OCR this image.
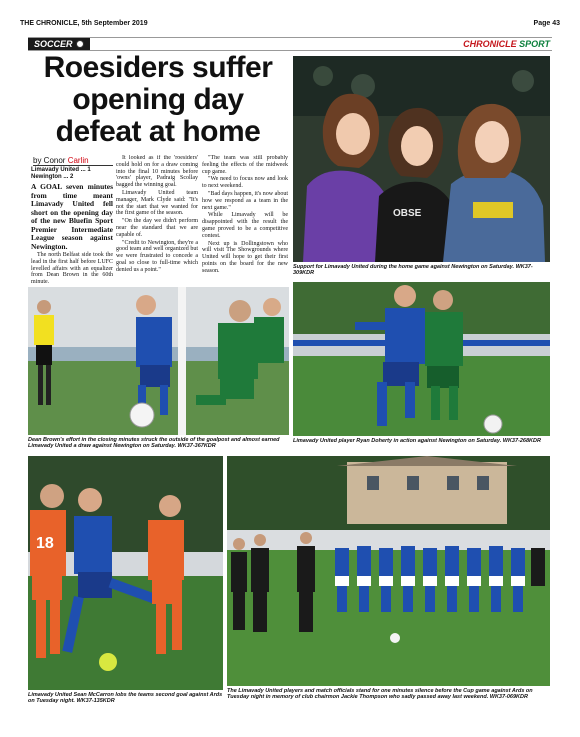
THE CHRONICLE, 5th September 2019	Page 43
SOCCER	CHRONICLE SPORT
Roesiders suffer opening day defeat at home
by Conor Carlin
Limavady United ... 1
Newington ... 2

A GOAL seven minutes from time meant Limavady United fell short on the opening day of the new Bluefin Sport Premier Intermediate League season against Newington.

The north Belfast side took the lead in the first half before LUFC levelled affairs with an equalizer from Dean Brown in the 60th minute.

It looked as if the 'roesiders' could hold on for a draw coming into the final 10 minutes before 'owns' player, Padraig Scollay bagged the winning goal.

Limavady United team manager, Mark Clyde said: "It's not the start that we wanted for the first game of the season.

"On the day we didn't perform near the standard that we are capable of.

"Credit to Newington, they're a good team and well organized but we were frustrated to concede a goal so close to full-time which denied us a point."

"The team was still probably feeling the effects of the midweek cup game.

"We need to focus now and look to next weekend.

"Bad days happen, it's now about how we respond as a team in the next game."

While Limavady will be disappointed with the result the game proved to be a competitive contest.

Next up is Dollingstown who will visit The Showgrounds where United will hope to get their first points on the board for the new season.

OBSE
Support for Limavady United during the home game against Newington on Saturday. WK37-309KDR
Dean Brown's effort in the closing minutes struck the outside of the goalpost and almost earned Limavady United a draw against Newington on Saturday. WK37-367KDR
Limavady United player Ryan Doherty in action against Newington on Saturday. WK37-268KDR
18
Limavady United Sean McCarron lobs the teams second goal against Ards on Tuesday night. WK37-135KDR
The Limavady United players and match officials stand for one minutes silence before the Cup game against Ards on Tuesday night in memory of club chairmon Jackie Thompson who sadly passed away last weekend. WK37-069KDR
